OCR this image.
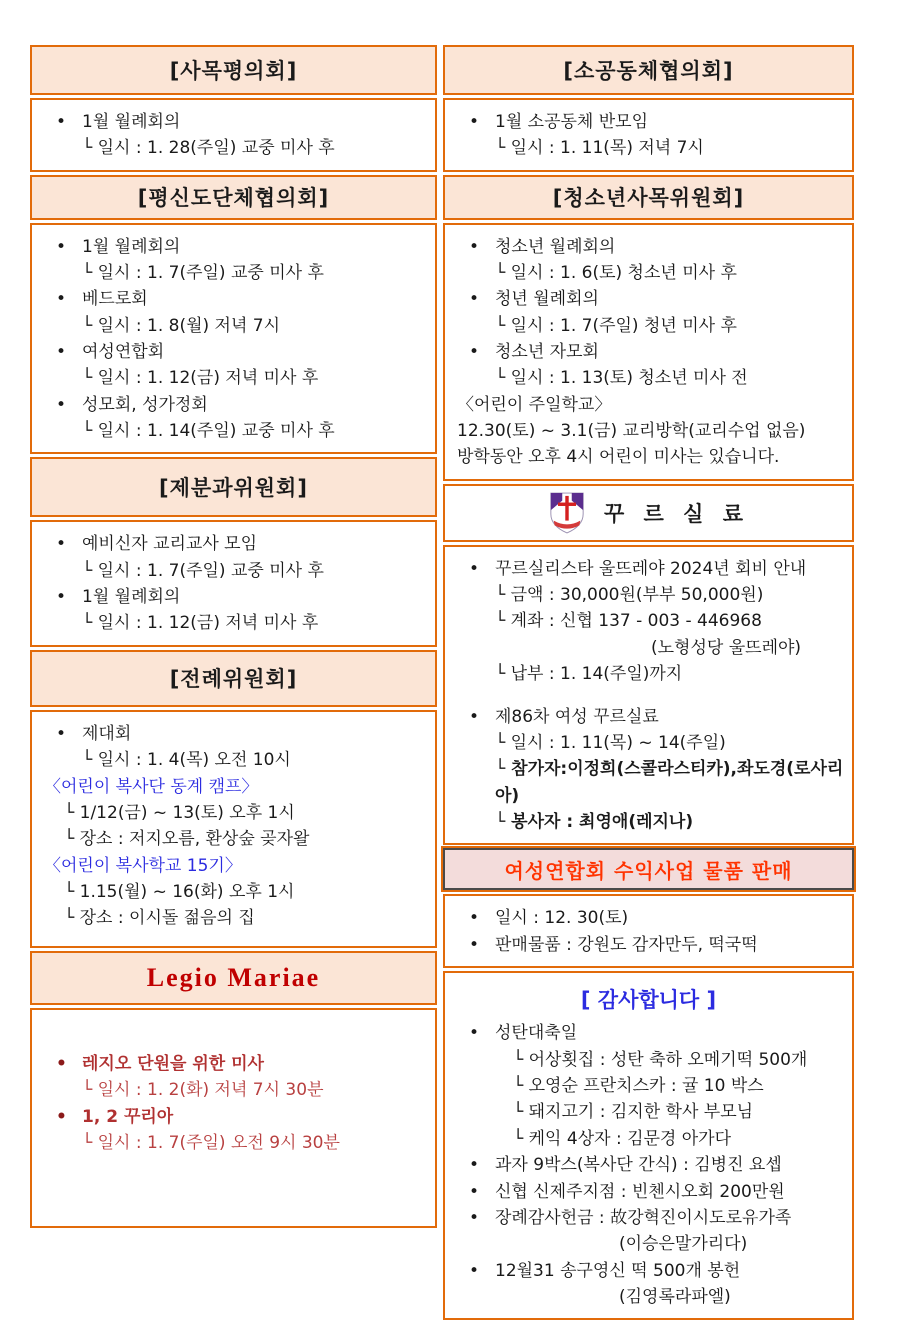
[사목평의회]
• 1월 월례회의
└ 일시 : 1. 28(주일) 교중 미사 후
[평신도단체협의회]
• 1월 월례회의
└ 일시 : 1. 7(주일) 교중 미사 후
• 베드로회
└ 일시 : 1. 8(월) 저녁 7시
• 여성연합회
└ 일시 : 1. 12(금) 저녁 미사 후
• 성모회, 성가정회
└ 일시 : 1. 14(주일) 교중 미사 후
[제분과위원회]
• 예비신자 교리교사 모임
└ 일시 : 1. 7(주일) 교중 미사 후
• 1월 월례회의
└ 일시 : 1. 12(금) 저녁 미사 후
[전례위원회]
• 제대회
└ 일시 : 1. 4(목) 오전 10시
〈어린이 복사단 동계 캠프〉
└ 1/12(금) ~ 13(토) 오후 1시
└ 장소 : 저지오름, 환상숲 곶자왈
〈어린이 복사학교 15기〉
└ 1.15(월) ~ 16(화) 오후 1시
└ 장소 : 이시돌 젊음의 집
Legio Mariae
• 레지오 단원을 위한 미사
└ 일시 : 1. 2(화) 저녁 7시 30분
• 1, 2 꾸리아
└ 일시 : 1. 7(주일) 오전 9시 30분
[소공동체협의회]
• 1월 소공동체 반모임
└ 일시 : 1. 11(목) 저녁 7시
[청소년사목위원회]
• 청소년 월례회의
└ 일시 : 1. 6(토) 청소년 미사 후
• 청년 월례회의
└ 일시 : 1. 7(주일) 청년 미사 후
• 청소년 자모회
└ 일시 : 1. 13(토) 청소년 미사 전
〈어린이 주일학교〉
12.30(토) ~ 3.1(금) 교리방학(교리수업 없음)
방학동안 오후 4시 어린이 미사는 있습니다.
꾸 르 실 료
• 꾸르실리스타 울뜨레야 2024년 회비 안내
└ 금액 : 30,000원(부부 50,000원)
└ 계좌 : 신협 137 - 003 - 446968
(노형성당 울뜨레야)
└ 납부 : 1. 14(주일)까지
• 제86차 여성 꾸르실료
└ 일시 : 1. 11(목) ~ 14(주일)
└ 참가자:이정희(스콜라스티카),좌도경(로사리아)
└ 봉사자 : 최영애(레지나)
여성연합회 수익사업 물품 판매
• 일시 : 12. 30(토)
• 판매물품 : 강원도 감자만두, 떡국떡
[ 감사합니다 ]
• 성탄대축일
└ 어상횟집 : 성탄 축하 오메기떡 500개
└ 오영순 프란치스카 : 귤 10 박스
└ 돼지고기 : 김지한 학사 부모님
└ 케익 4상자 : 김문경 아가다
• 과자 9박스(복사단 간식) : 김병진 요셉
• 신협 신제주지점 : 빈첸시오회 200만원
• 장례감사헌금 : 故강혁진이시도로유가족
(이승은말가리다)
• 12월31 송구영신 떡 500개 봉헌
(김영록라파엘)
